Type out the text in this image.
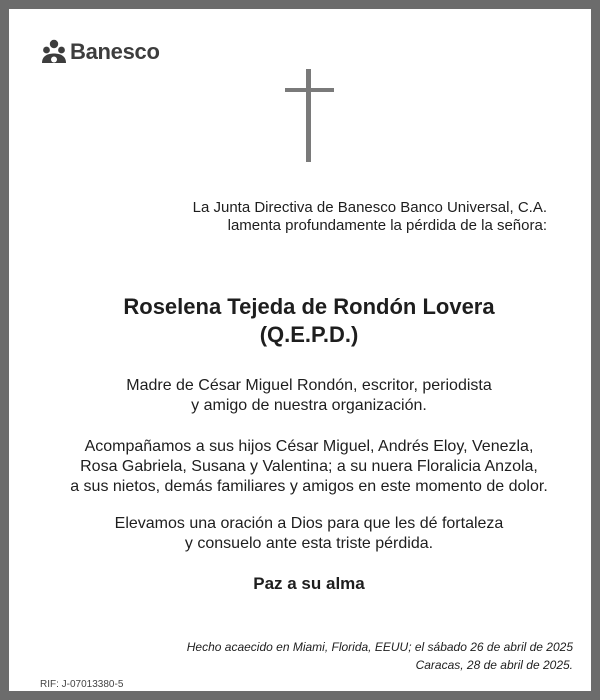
Banesco
La Junta Directiva de Banesco Banco Universal, C.A.
lamenta profundamente la pérdida de la señora:
Roselena Tejeda de Rondón Lovera
(Q.E.P.D.)
Madre de César Miguel Rondón, escritor, periodista
y amigo de nuestra organización.
Acompañamos a sus hijos César Miguel, Andrés Eloy, Venezla,
Rosa Gabriela, Susana y Valentina; a su nuera Floralicia Anzola,
a sus nietos, demás familiares y amigos en este momento de dolor.
Elevamos una oración a Dios para que les dé fortaleza
y consuelo ante esta triste pérdida.
Paz a su alma
Hecho acaecido en Miami, Florida, EEUU; el sábado 26 de abril de 2025
Caracas, 28 de abril de 2025.
RIF: J-07013380-5
